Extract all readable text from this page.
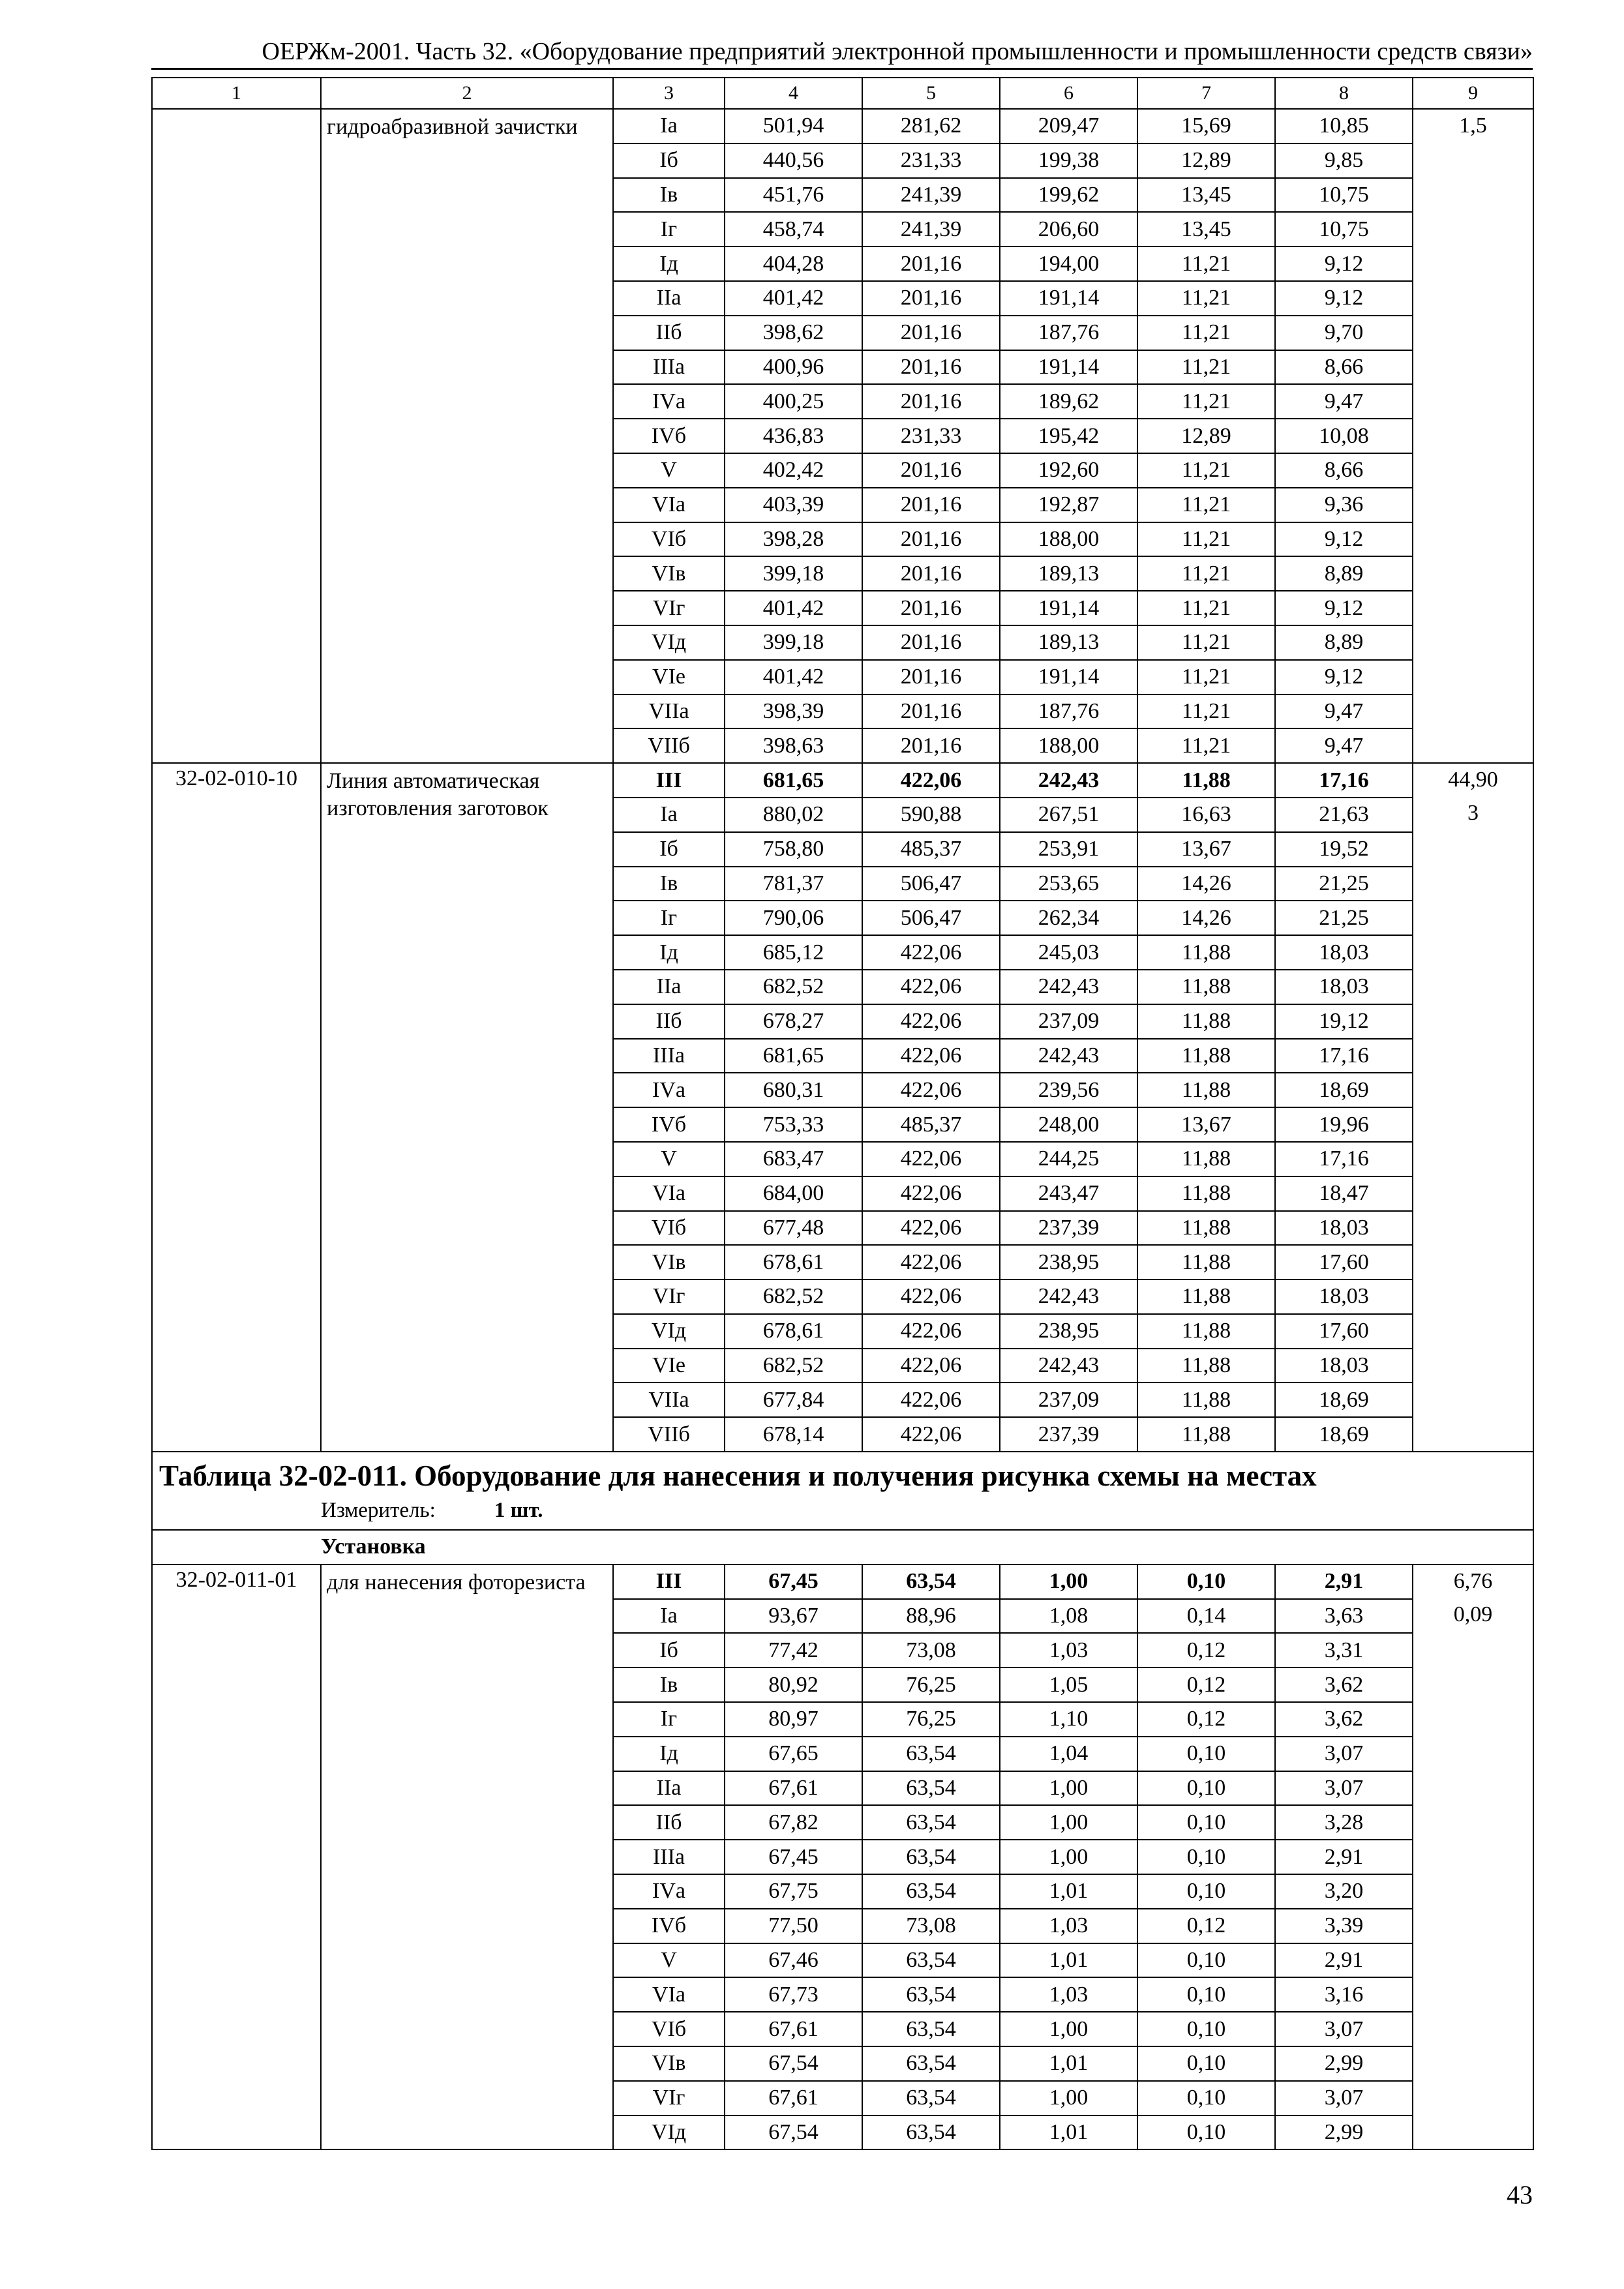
ОЕРЖм-2001. Часть 32. «Оборудование предприятий электронной промышленности и промышленности средств связи»
1	2	3	4	5	6	7	8	9
	гидроабразивной зачистки	Iа	501,94	281,62	209,47	15,69	10,85	1,5

		Iб	440,56	231,33	199,38	12,89	9,85	
		Iв	451,76	241,39	199,62	13,45	10,75	
		Iг	458,74	241,39	206,60	13,45	10,75	
		Iд	404,28	201,16	194,00	11,21	9,12	
		IIа	401,42	201,16	191,14	11,21	9,12	
		IIб	398,62	201,16	187,76	11,21	9,70	
		IIIа	400,96	201,16	191,14	11,21	8,66	
		IVа	400,25	201,16	189,62	11,21	9,47	
		IVб	436,83	231,33	195,42	12,89	10,08	
		V	402,42	201,16	192,60	11,21	8,66	
		VIа	403,39	201,16	192,87	11,21	9,36	
		VIб	398,28	201,16	188,00	11,21	9,12	
		VIв	399,18	201,16	189,13	11,21	8,89	
		VIг	401,42	201,16	191,14	11,21	9,12	
		VIд	399,18	201,16	189,13	11,21	8,89	
		VIе	401,42	201,16	191,14	11,21	9,12	
		VIIа	398,39	201,16	187,76	11,21	9,47	
		VIIб	398,63	201,16	188,00	11,21	9,47	
32-02-010-10	Линия автоматическая изготовления заготовок	III	681,65	422,06	242,43	11,88	17,16	44,90
3

		Iа	880,02	590,88	267,51	16,63	21,63	
		Iб	758,80	485,37	253,91	13,67	19,52	
		Iв	781,37	506,47	253,65	14,26	21,25	
		Iг	790,06	506,47	262,34	14,26	21,25	
		Iд	685,12	422,06	245,03	11,88	18,03	
		IIа	682,52	422,06	242,43	11,88	18,03	
		IIб	678,27	422,06	237,09	11,88	19,12	
		IIIа	681,65	422,06	242,43	11,88	17,16	
		IVа	680,31	422,06	239,56	11,88	18,69	
		IVб	753,33	485,37	248,00	13,67	19,96	
		V	683,47	422,06	244,25	11,88	17,16	
		VIа	684,00	422,06	243,47	11,88	18,47	
		VIб	677,48	422,06	237,39	11,88	18,03	
		VIв	678,61	422,06	238,95	11,88	17,60	
		VIг	682,52	422,06	242,43	11,88	18,03	
		VIд	678,61	422,06	238,95	11,88	17,60	
		VIе	682,52	422,06	242,43	11,88	18,03	
		VIIа	677,84	422,06	237,09	11,88	18,69	
		VIIб	678,14	422,06	237,39	11,88	18,69	

Таблица 32-02-011. Оборудование для нанесения и получения рисунка схемы на местах
Измеритель: 1 шт.								

Установка								
32-02-011-01	для нанесения фоторезиста	III	67,45	63,54	1,00	0,10	2,91	6,76
0,09

		Iа	93,67	88,96	1,08	0,14	3,63	
		Iб	77,42	73,08	1,03	0,12	3,31	
		Iв	80,92	76,25	1,05	0,12	3,62	
		Iг	80,97	76,25	1,10	0,12	3,62	
		Iд	67,65	63,54	1,04	0,10	3,07	
		IIа	67,61	63,54	1,00	0,10	3,07	
		IIб	67,82	63,54	1,00	0,10	3,28	
		IIIа	67,45	63,54	1,00	0,10	2,91	
		IVа	67,75	63,54	1,01	0,10	3,20	
		IVб	77,50	73,08	1,03	0,12	3,39	
		V	67,46	63,54	1,01	0,10	2,91	
		VIа	67,73	63,54	1,03	0,10	3,16	
		VIб	67,61	63,54	1,00	0,10	3,07	
		VIв	67,54	63,54	1,01	0,10	2,99	
		VIг	67,61	63,54	1,00	0,10	3,07	
		VIд	67,54	63,54	1,01	0,10	2,99	
43
